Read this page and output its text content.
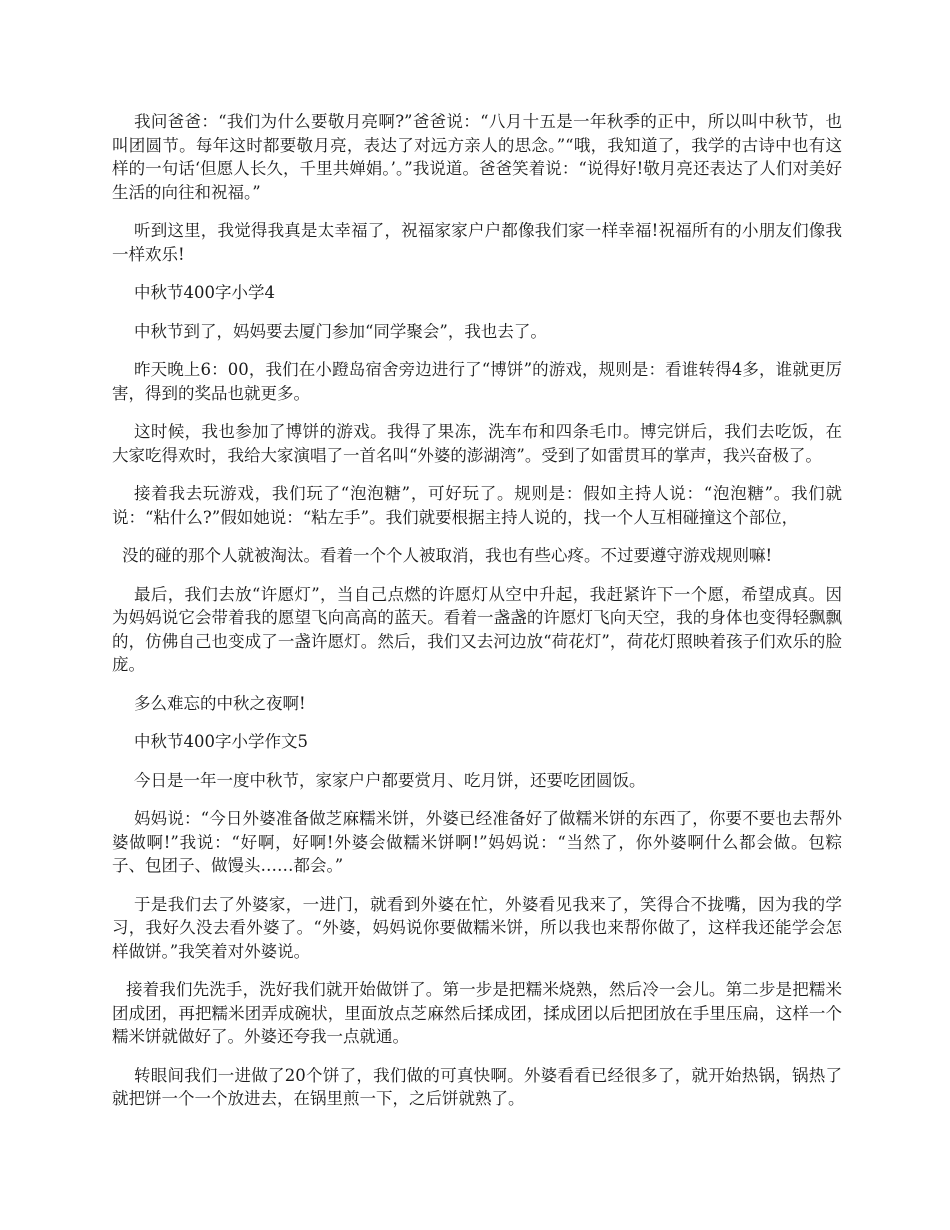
我问爸爸：“我们为什么要敬月亮啊?”爸爸说：“八月十五是一年秋季的正中，所以叫中秋节，也叫团圆节。每年这时都要敬月亮，表达了对远方亲人的思念。”“哦，我知道了，我学的古诗中也有这样的一句话‘但愿人长久，千里共婵娟。’。”我说道。爸爸笑着说：“说得好!敬月亮还表达了人们对美好生活的向往和祝福。”

听到这里，我觉得我真是太幸福了，祝福家家户户都像我们家一样幸福!祝福所有的小朋友们像我一样欢乐!

中秋节400字小学4

中秋节到了，妈妈要去厦门参加“同学聚会”，我也去了。

昨天晚上6：00，我们在小蹬岛宿舍旁边进行了“博饼”的游戏，规则是：看谁转得4多，谁就更厉害，得到的奖品也就更多。

这时候，我也参加了博饼的游戏。我得了果冻，洗车布和四条毛巾。博完饼后，我们去吃饭，在大家吃得欢时，我给大家演唱了一首名叫“外婆的澎湖湾”。受到了如雷贯耳的掌声，我兴奋极了。

接着我去玩游戏，我们玩了“泡泡糖”，可好玩了。规则是：假如主持人说：“泡泡糖”。我们就说：“粘什么?”假如她说：“粘左手”。我们就要根据主持人说的，找一个人互相碰撞这个部位，

没的碰的那个人就被淘汰。看着一个个人被取消，我也有些心疼。不过要遵守游戏规则嘛!

最后，我们去放“许愿灯”，当自己点燃的许愿灯从空中升起，我赶紧许下一个愿，希望成真。因为妈妈说它会带着我的愿望飞向高高的蓝天。看着一盏盏的许愿灯飞向天空，我的身体也变得轻飘飘的，仿佛自己也变成了一盏许愿灯。然后，我们又去河边放“荷花灯”，荷花灯照映着孩子们欢乐的脸庞。

多么难忘的中秋之夜啊!

中秋节400字小学作文5

今日是一年一度中秋节，家家户户都要赏月、吃月饼，还要吃团圆饭。

妈妈说：“今日外婆准备做芝麻糯米饼，外婆已经准备好了做糯米饼的东西了，你要不要也去帮外婆做啊!”我说：“好啊，好啊!外婆会做糯米饼啊!”妈妈说：“当然了，你外婆啊什么都会做。包粽子、包团子、做馒头……都会。”

于是我们去了外婆家，一进门，就看到外婆在忙，外婆看见我来了，笑得合不拢嘴，因为我的学习，我好久没去看外婆了。“外婆，妈妈说你要做糯米饼，所以我也来帮你做了，这样我还能学会怎样做饼。”我笑着对外婆说。

接着我们先洗手，洗好我们就开始做饼了。第一步是把糯米烧熟，然后冷一会儿。第二步是把糯米团成团，再把糯米团弄成碗状，里面放点芝麻然后揉成团，揉成团以后把团放在手里压扁，这样一个糯米饼就做好了。外婆还夸我一点就通。

转眼间我们一进做了20个饼了，我们做的可真快啊。外婆看看已经很多了，就开始热锅，锅热了就把饼一个一个放进去，在锅里煎一下，之后饼就熟了。
